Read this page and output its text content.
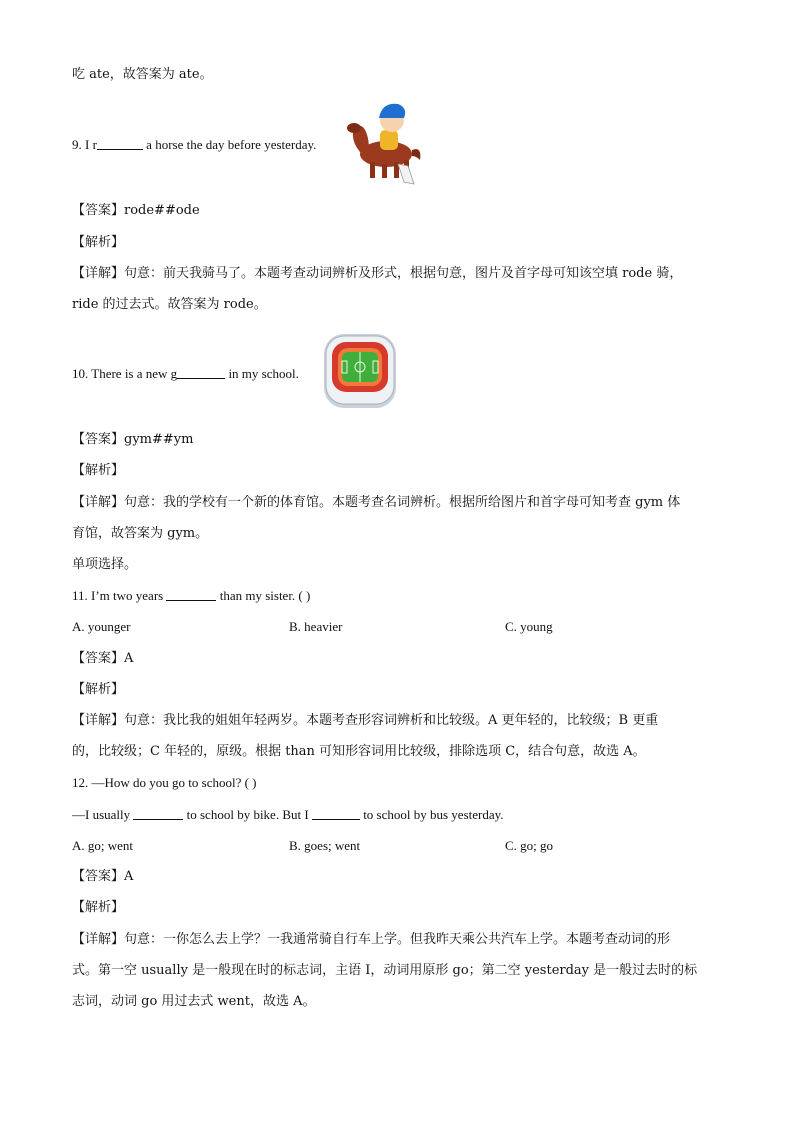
吃 ate，故答案为 ate。
9. I r	a horse the day before yesterday.
【答案】rode##ode
【解析】
【详解】句意：前天我骑马了。本题考查动词辨析及形式，根据句意，图片及首字母可知该空填 rode 骑，
ride 的过去式。故答案为 rode。
10. There is a new g	in my school.
【答案】gym##ym
【解析】
【详解】句意：我的学校有一个新的体育馆。本题考查名词辨析。根据所给图片和首字母可知考查 gym 体
育馆，故答案为 gym。
单项选择。
11. I’m two years	than my sister. ( )
A. younger	B. heavier	C. young
【答案】A
【解析】
【详解】句意：我比我的姐姐年轻两岁。本题考查形容词辨析和比较级。A 更年轻的，比较级；B 更重
的，比较级；C 年轻的，原级。根据 than 可知形容词用比较级，排除选项 C，结合句意，故选 A。
12. —How do you go to school? ( )
—I usually	to school by bike. But I	to school by bus yesterday.
A. go; went	B. goes; went	C. go; go
【答案】A
【解析】
【详解】句意：一你怎么去上学？一我通常骑自行车上学。但我昨天乘公共汽车上学。本题考查动词的形
式。第一空 usually 是一般现在时的标志词，主语 I，动词用原形 go；第二空 yesterday 是一般过去时的标
志词，动词 go 用过去式 went，故选 A。
